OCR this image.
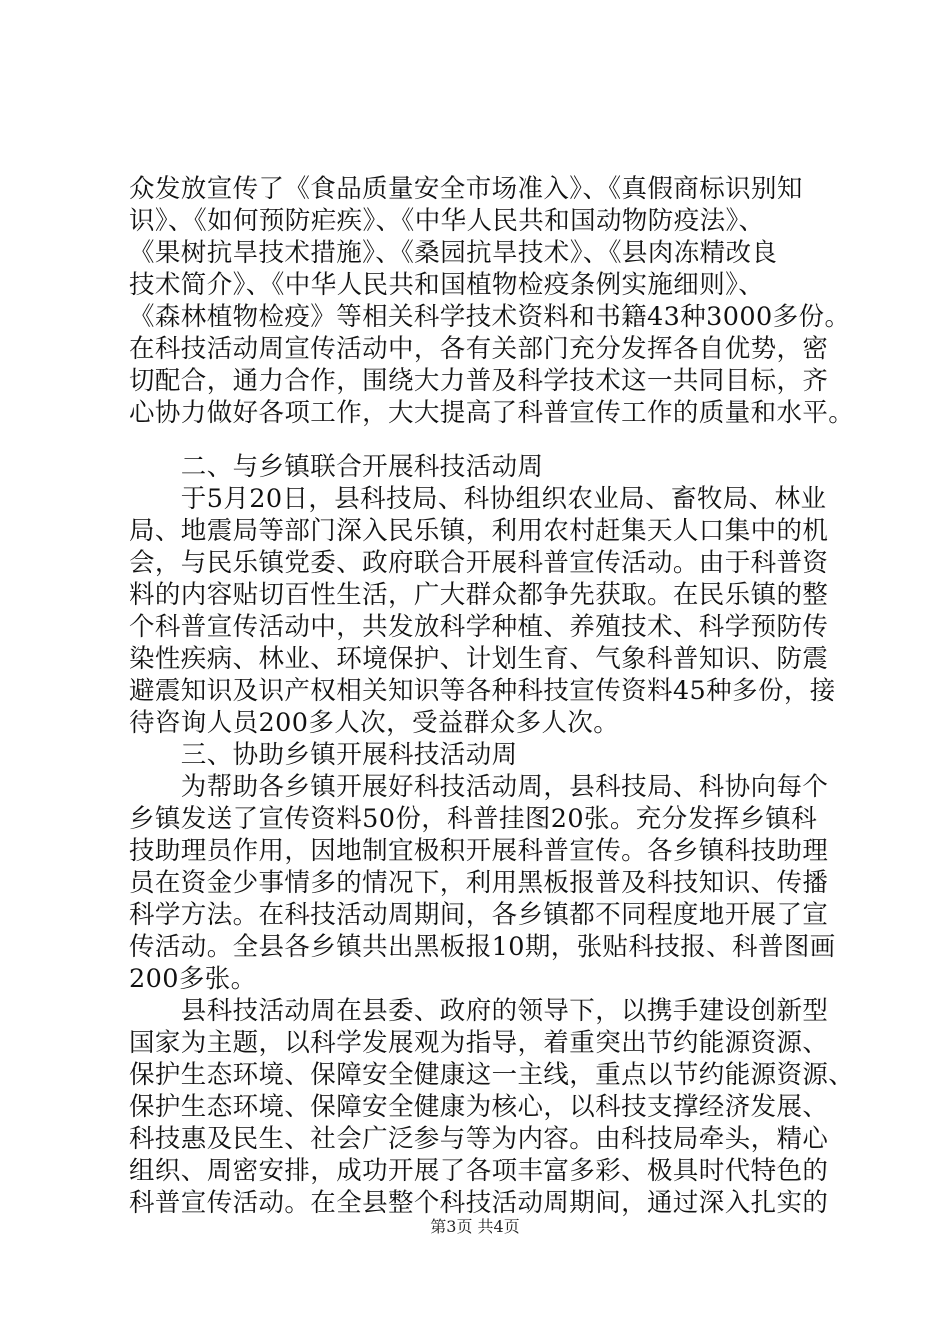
众发放宣传了《食品质量安全市场准入》、《真假商标识别知
识》、《如何预防疟疾》、《中华人民共和国动物防疫法》、
《果树抗旱技术措施》、《桑园抗旱技术》、《县肉冻精改良
技术简介》、《中华人民共和国植物检疫条例实施细则》、
《森林植物检疫》等相关科学技术资料和书籍43种3000多份。
在科技活动周宣传活动中，各有关部门充分发挥各自优势，密
切配合，通力合作，围绕大力普及科学技术这一共同目标，齐
心协力做好各项工作，大大提高了科普宣传工作的质量和水平。
　　二、与乡镇联合开展科技活动周
　　于5月20日，县科技局、科协组织农业局、畜牧局、林业
局、地震局等部门深入民乐镇，利用农村赶集天人口集中的机
会，与民乐镇党委、政府联合开展科普宣传活动。由于科普资
料的内容贴切百性生活，广大群众都争先获取。在民乐镇的整
个科普宣传活动中，共发放科学种植、养殖技术、科学预防传
染性疾病、林业、环境保护、计划生育、气象科普知识、防震
避震知识及识产权相关知识等各种科技宣传资料45种多份，接
待咨询人员200多人次，受益群众多人次。
　　三、协助乡镇开展科技活动周
　　为帮助各乡镇开展好科技活动周，县科技局、科协向每个
乡镇发送了宣传资料50份，科普挂图20张。充分发挥乡镇科
技助理员作用，因地制宜极积开展科普宣传。各乡镇科技助理
员在资金少事情多的情况下，利用黑板报普及科技知识、传播
科学方法。在科技活动周期间，各乡镇都不同程度地开展了宣
传活动。全县各乡镇共出黑板报10期，张贴科技报、科普图画
200多张。
　　县科技活动周在县委、政府的领导下，以携手建设创新型
国家为主题，以科学发展观为指导，着重突出节约能源资源、
保护生态环境、保障安全健康这一主线，重点以节约能源资源、
保护生态环境、保障安全健康为核心，以科技支撑经济发展、
科技惠及民生、社会广泛参与等为内容。由科技局牵头，精心
组织、周密安排，成功开展了各项丰富多彩、极具时代特色的
科普宣传活动。在全县整个科技活动周期间，通过深入扎实的
第3页 共4页
